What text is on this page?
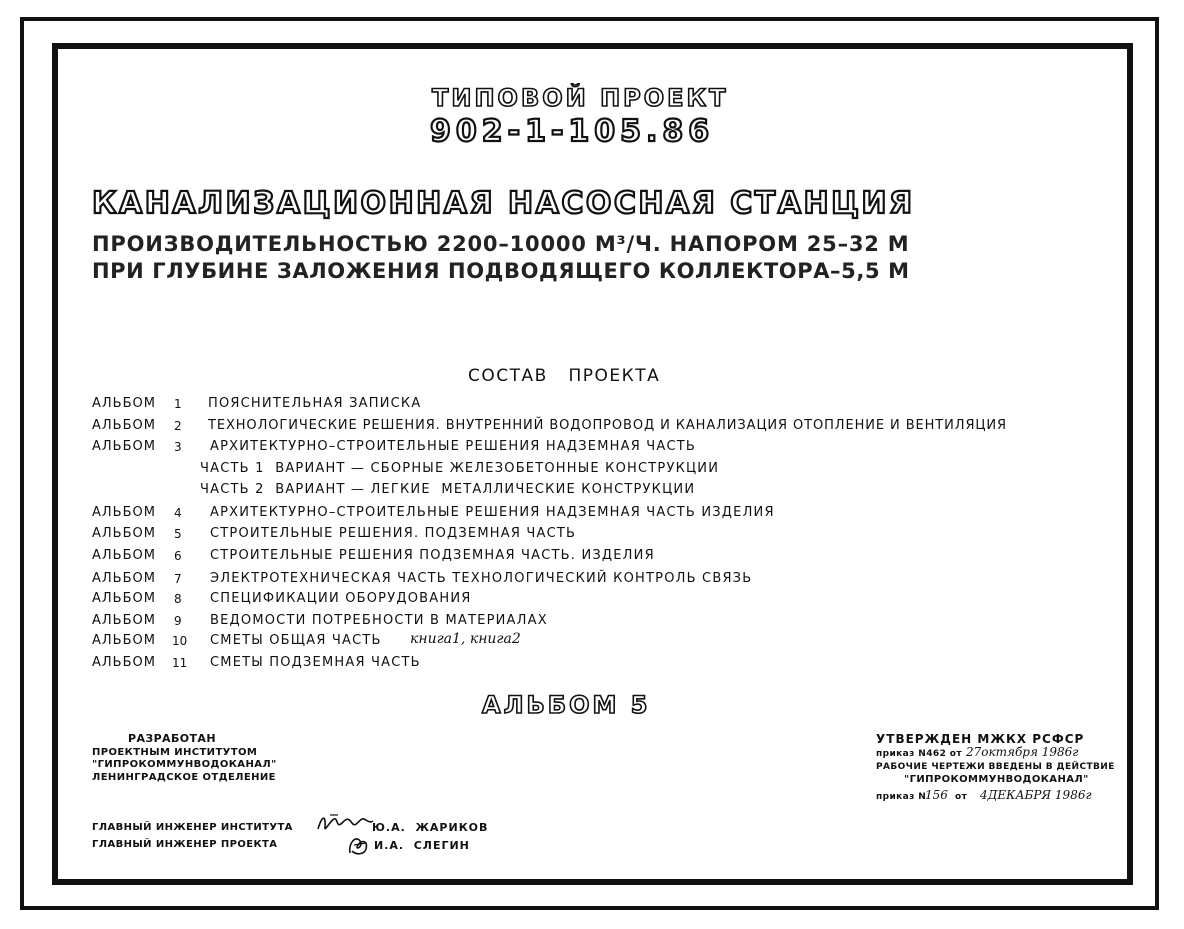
ТИПОВОЙ ПРОЕКТ
902-1-105.86
КАНАЛИЗАЦИОННАЯ НАСОСНАЯ СТАНЦИЯ
ПРОИЗВОДИТЕЛЬНОСТЬЮ 2200–10000 М³/Ч. НАПОРОМ 25–32 М
ПРИ ГЛУБИНЕ ЗАЛОЖЕНИЯ ПОДВОДЯЩЕГО КОЛЛЕКТОРА–5,5 М
СОСТАВ   ПРОЕКТА
АЛЬБОМ 1 ПОЯСНИТЕЛЬНАЯ ЗАПИСКА
АЛЬБОМ 2 ТЕХНОЛОГИЧЕСКИЕ РЕШЕНИЯ. ВНУТРЕННИЙ ВОДОПРОВОД И КАНАЛИЗАЦИЯ ОТОПЛЕНИЕ И ВЕНТИЛЯЦИЯ
АЛЬБОМ 3 АРХИТЕКТУРНО–СТРОИТЕЛЬНЫЕ РЕШЕНИЯ НАДЗЕМНАЯ ЧАСТЬ
ЧАСТЬ 1  ВАРИАНТ — СБОРНЫЕ ЖЕЛЕЗОБЕТОННЫЕ КОНСТРУКЦИИ
ЧАСТЬ 2  ВАРИАНТ — ЛЕГКИЕ  МЕТАЛЛИЧЕСКИЕ КОНСТРУКЦИИ
АЛЬБОМ 4 АРХИТЕКТУРНО–СТРОИТЕЛЬНЫЕ РЕШЕНИЯ НАДЗЕМНАЯ ЧАСТЬ ИЗДЕЛИЯ
АЛЬБОМ 5 СТРОИТЕЛЬНЫЕ РЕШЕНИЯ. ПОДЗЕМНАЯ ЧАСТЬ
АЛЬБОМ 6 СТРОИТЕЛЬНЫЕ РЕШЕНИЯ ПОДЗЕМНАЯ ЧАСТЬ. ИЗДЕЛИЯ
АЛЬБОМ 7 ЭЛЕКТРОТЕХНИЧЕСКАЯ ЧАСТЬ ТЕХНОЛОГИЧЕСКИЙ КОНТРОЛЬ СВЯЗЬ
АЛЬБОМ 8 СПЕЦИФИКАЦИИ ОБОРУДОВАНИЯ
АЛЬБОМ 9 ВЕДОМОСТИ ПОТРЕБНОСТИ В МАТЕРИАЛАХ
АЛЬБОМ 10 СМЕТЫ ОБЩАЯ ЧАСТЬ книга1, книга2
АЛЬБОМ 11 СМЕТЫ ПОДЗЕМНАЯ ЧАСТЬ
АЛЬБОМ 5
РАЗРАБОТАН
ПРОЕКТНЫМ ИНСТИТУТОМ
"ГИПРОКОММУНВОДОКАНАЛ"
ЛЕНИНГРАДСКОЕ ОТДЕЛЕНИЕ
УТВЕРЖДЕН МЖКХ РСФСР
приказ N462 от 27октября 1986г
РАБОЧИЕ ЧЕРТЕЖИ ВВЕДЕНЫ В ДЕЙСТВИЕ
"ГИПРОКОММУНВОДОКАНАЛ"
приказ N
156 от 4ДЕКАБРЯ 1986г
ГЛАВНЫЙ ИНЖЕНЕР ИНСТИТУТА	Ю.А.  ЖАРИКОВ
ГЛАВНЫЙ ИНЖЕНЕР ПРОЕКТА	И.А.  СЛЕГИН
